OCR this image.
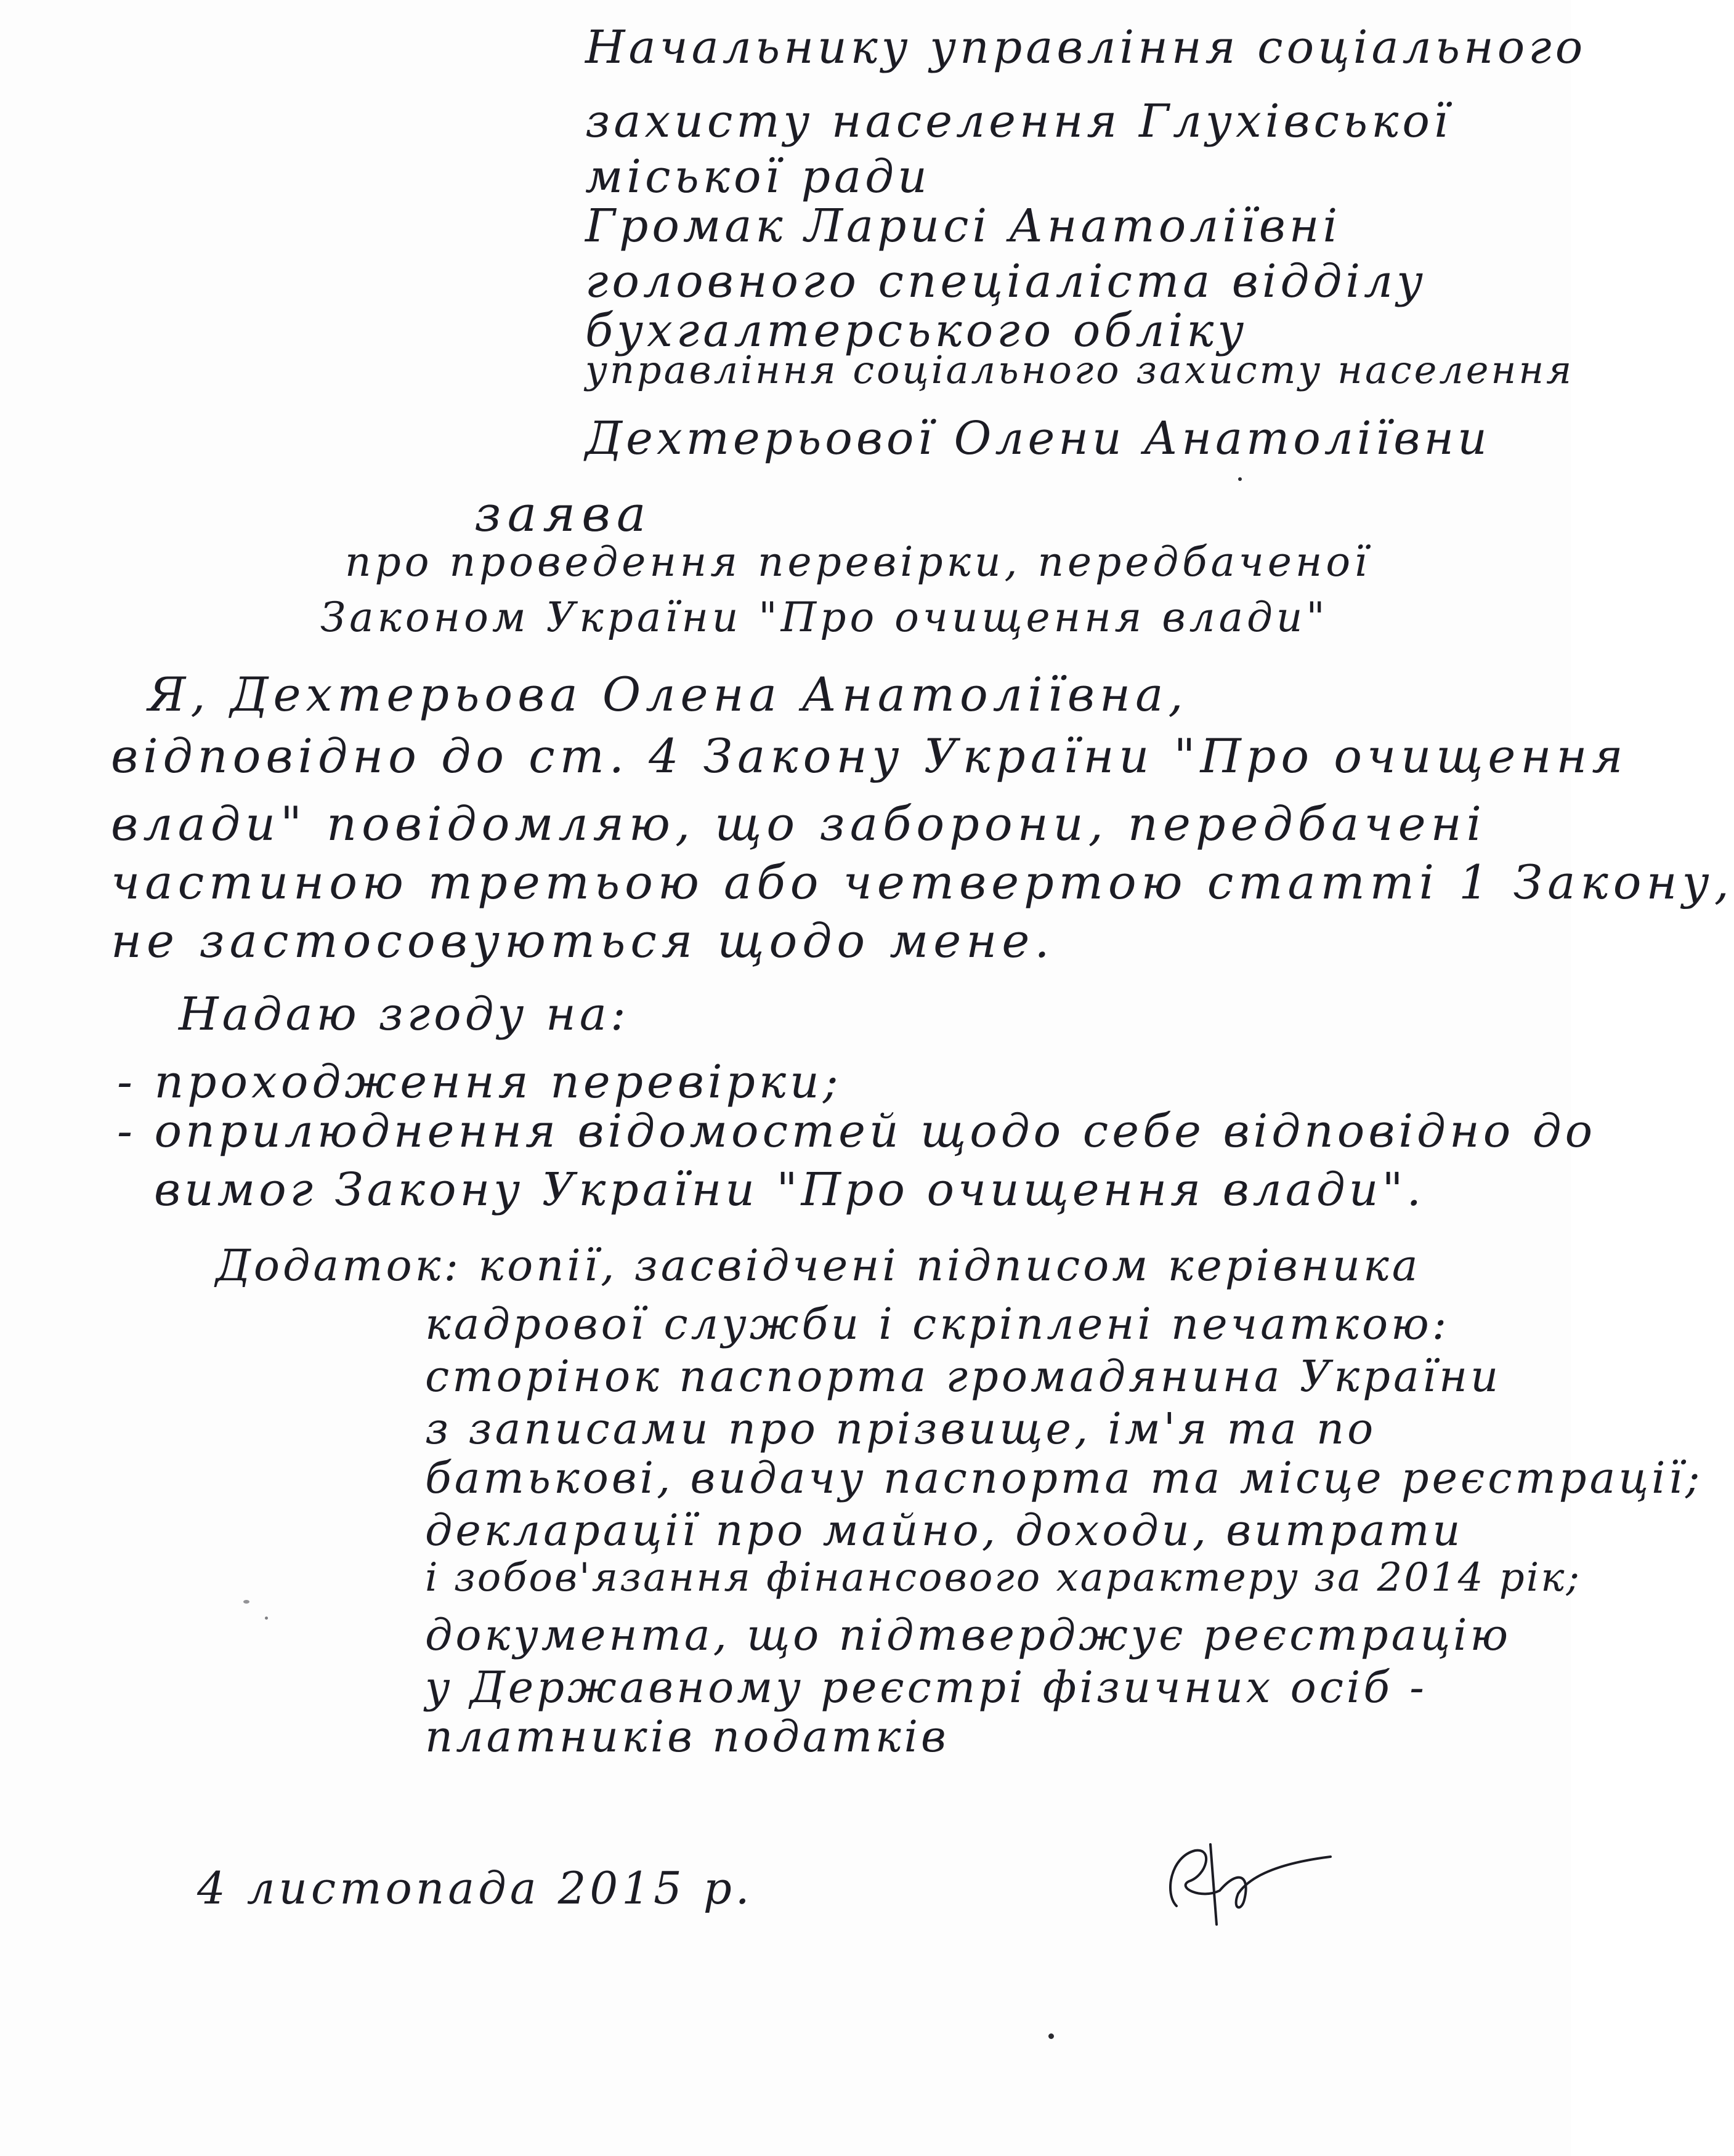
Начальнику управління соціального
захисту населення Глухівської
міської ради
Громак Ларисі Анатоліївні
головного спеціаліста відділу
бухгалтерського обліку
управління соціального захисту населення
Дехтерьової Олени Анатоліївни
заява
про проведення перевірки, передбаченої
Законом України "Про очищення влади"
Я, Дехтерьова Олена Анатоліївна,
відповідно до ст. 4 Закону України "Про очищення
влади" повідомляю, що заборони, передбачені
частиною третьою або четвертою статті 1 Закону,
не застосовуються щодо мене.
Надаю згоду на:
- проходження перевірки;
- оприлюднення відомостей щодо себе відповідно до
вимог Закону України "Про очищення влади".
Додаток: копії, засвідчені підписом керівника
кадрової служби і скріплені печаткою:
сторінок паспорта громадянина України
з записами про прізвище, ім'я та по
батькові, видачу паспорта та місце реєстрації;
декларації про майно, доходи, витрати
і зобов'язання фінансового характеру за 2014 рік;
документа, що підтверджує реєстрацію
у Державному реєстрі фізичних осіб -
платників податків
4 листопада 2015 р.
